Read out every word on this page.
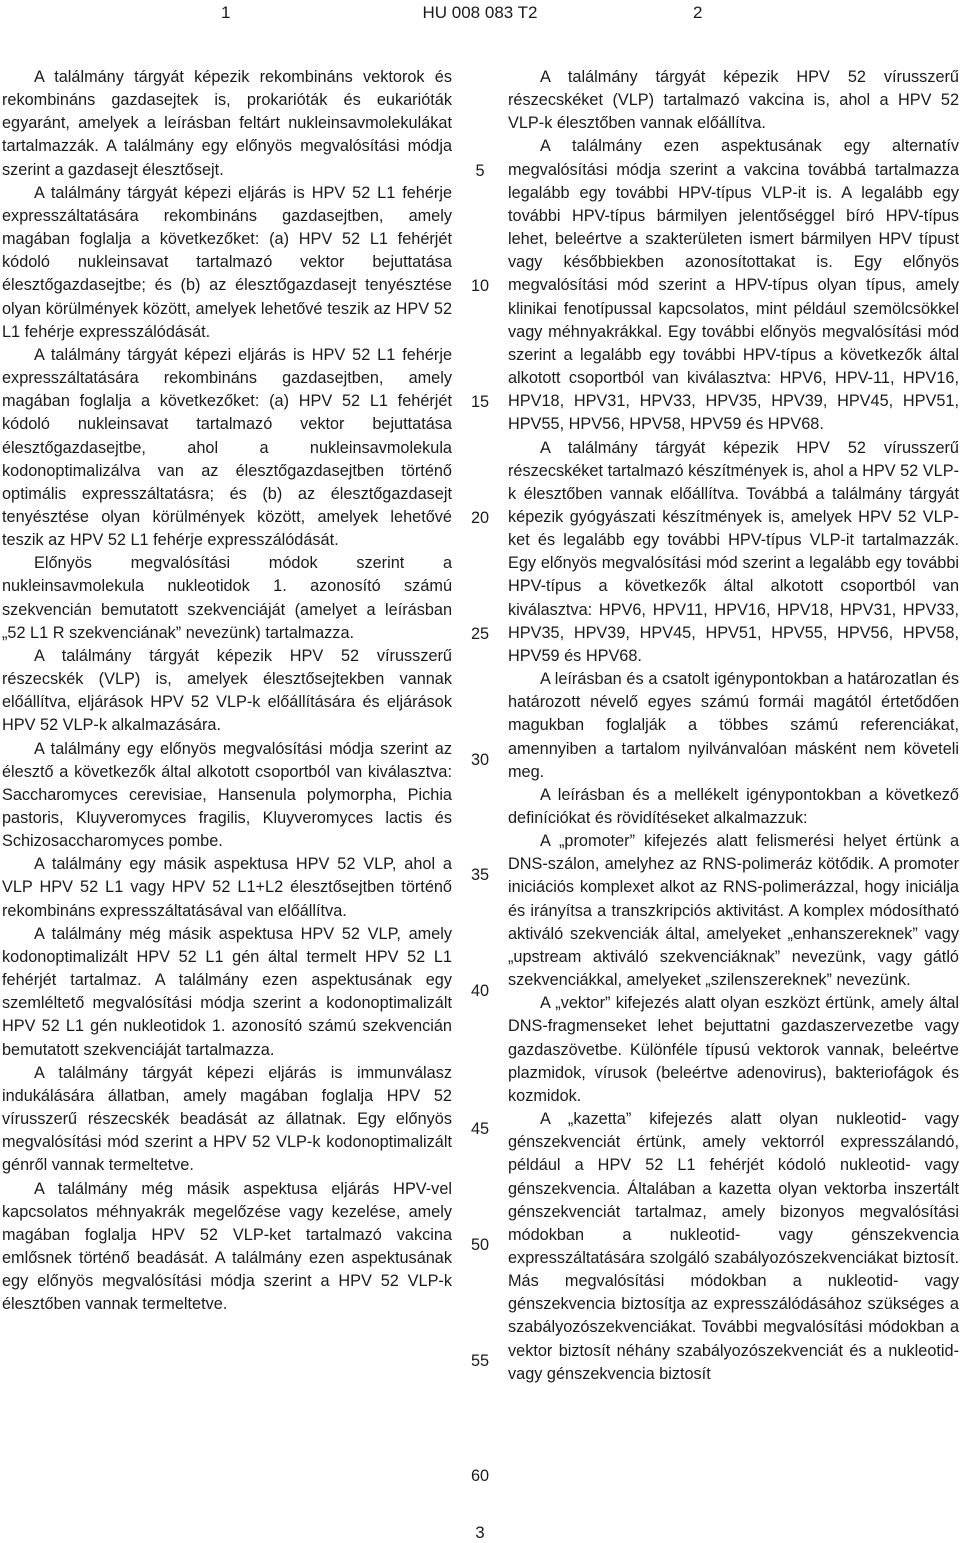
1	HU 008 083 T2	2

A találmány tárgyát képezik rekombináns vektorok és rekombináns gazdasejtek is, prokarióták és eukarióták egyaránt, amelyek a leírásban feltárt nukleinsavmolekulákat tartalmazzák. A találmány egy előnyös megvalósítási módja szerint a gazdasejt élesztősejt.

A találmány tárgyát képezi eljárás is HPV 52 L1 fehérje expresszáltatására rekombináns gazdasejtben, amely magában foglalja a következőket: (a) HPV 52 L1 fehérjét kódoló nukleinsavat tartalmazó vektor bejuttatása élesztőgazdasejtbe; és (b) az élesztőgazdasejt tenyésztése olyan körülmények között, amelyek lehetővé teszik az HPV 52 L1 fehérje expresszálódását.

A találmány tárgyát képezi eljárás is HPV 52 L1 fehérje expresszáltatására rekombináns gazdasejtben, amely magában foglalja a következőket: (a) HPV 52 L1 fehérjét kódoló nukleinsavat tartalmazó vektor bejuttatása élesztőgazdasejtbe, ahol a nukleinsavmolekula kodonoptimalizálva van az élesztőgazdasejtben történő optimális expresszáltatásra; és (b) az élesztőgazdasejt tenyésztése olyan körülmények között, amelyek lehetővé teszik az HPV 52 L1 fehérje expresszálódását.

Előnyös megvalósítási módok szerint a nukleinsavmolekula nukleotidok 1. azonosító számú szekvencián bemutatott szekvenciáját (amelyet a leírásban „52 L1 R szekvenciának” nevezünk) tartalmazza.

A találmány tárgyát képezik HPV 52 vírusszerű részecskék (VLP) is, amelyek élesztősejtekben vannak előállítva, eljárások HPV 52 VLP-k előállítására és eljárások HPV 52 VLP-k alkalmazására.

A találmány egy előnyös megvalósítási módja szerint az élesztő a következők által alkotott csoportból van kiválasztva: Saccharomyces cerevisiae, Hansenula polymorpha, Pichia pastoris, Kluyveromyces fragilis, Kluyveromyces lactis és Schizosaccharomyces pombe.

A találmány egy másik aspektusa HPV 52 VLP, ahol a VLP HPV 52 L1 vagy HPV 52 L1+L2 élesztősejtben történő rekombináns expresszáltatásával van előállítva.

A találmány még másik aspektusa HPV 52 VLP, amely kodonoptimalizált HPV 52 L1 gén által termelt HPV 52 L1 fehérjét tartalmaz. A találmány ezen aspektusának egy szemléltető megvalósítási módja szerint a kodonoptimalizált HPV 52 L1 gén nukleotidok 1. azonosító számú szekvencián bemutatott szekvenciáját tartalmazza.

A találmány tárgyát képezi eljárás is immunválasz indukálására állatban, amely magában foglalja HPV 52 vírusszerű részecskék beadását az állatnak. Egy előnyös megvalósítási mód szerint a HPV 52 VLP-k kodonoptimalizált génről vannak termeltetve.

A találmány még másik aspektusa eljárás HPV-vel kapcsolatos méhnyakrák megelőzése vagy kezelése, amely magában foglalja HPV 52 VLP-ket tartalmazó vakcina emlősnek történő beadását. A találmány ezen aspektusának egy előnyös megvalósítási módja szerint a HPV 52 VLP-k élesztőben vannak termeltetve.

5
10
15
20
25
30
35
40
45
50
55
60

A találmány tárgyát képezik HPV 52 vírusszerű részecskéket (VLP) tartalmazó vakcina is, ahol a HPV 52 VLP-k élesztőben vannak előállítva.

A találmány ezen aspektusának egy alternatív megvalósítási módja szerint a vakcina továbbá tartalmazza legalább egy további HPV-típus VLP-it is. A legalább egy további HPV-típus bármilyen jelentőséggel bíró HPV-típus lehet, beleértve a szakterületen ismert bármilyen HPV típust vagy későbbiekben azonosítottakat is. Egy előnyös megvalósítási mód szerint a HPV-típus olyan típus, amely klinikai fenotípussal kapcsolatos, mint például szemölcsökkel vagy méhnyakrákkal. Egy további előnyös megvalósítási mód szerint a legalább egy további HPV-típus a következők által alkotott csoportból van kiválasztva: HPV6, HPV-11, HPV16, HPV18, HPV31, HPV33, HPV35, HPV39, HPV45, HPV51, HPV55, HPV56, HPV58, HPV59 és HPV68.

A találmány tárgyát képezik HPV 52 vírusszerű részecskéket tartalmazó készítmények is, ahol a HPV 52 VLP-k élesztőben vannak előállítva. Továbbá a találmány tárgyát képezik gyógyászati készítmények is, amelyek HPV 52 VLP-ket és legalább egy további HPV-típus VLP-it tartalmazzák. Egy előnyös megvalósítási mód szerint a legalább egy további HPV-típus a következők által alkotott csoportból van kiválasztva: HPV6, HPV11, HPV16, HPV18, HPV31, HPV33, HPV35, HPV39, HPV45, HPV51, HPV55, HPV56, HPV58, HPV59 és HPV68.

A leírásban és a csatolt igénypontokban a határozatlan és határozott névelő egyes számú formái magától értetődően magukban foglalják a többes számú referenciákat, amennyiben a tartalom nyilvánvalóan másként nem követeli meg.

A leírásban és a mellékelt igénypontokban a következő definíciókat és rövidítéseket alkalmazzuk:

A „promoter” kifejezés alatt felismerési helyet értünk a DNS-szálon, amelyhez az RNS-polimeráz kötődik. A promoter iniciációs komplexet alkot az RNS-polimerázzal, hogy iniciálja és irányítsa a transzkripciós aktivitást. A komplex módosítható aktiváló szekvenciák által, amelyeket „enhanszereknek” vagy „upstream aktiváló szekvenciáknak” nevezünk, vagy gátló szekvenciákkal, amelyeket „szilenszereknek” nevezünk.

A „vektor” kifejezés alatt olyan eszközt értünk, amely által DNS-fragmenseket lehet bejuttatni gazdaszervezetbe vagy gazdaszövetbe. Különféle típusú vektorok vannak, beleértve plazmidok, vírusok (beleértve adenovirus), bakteriofágok és kozmidok.

A „kazetta” kifejezés alatt olyan nukleotid- vagy génszekvenciát értünk, amely vektorról expresszálandó, például a HPV 52 L1 fehérjét kódoló nukleotid- vagy génszekvencia. Általában a kazetta olyan vektorba inszertált génszekvenciát tartalmaz, amely bizonyos megvalósítási módokban a nukleotid- vagy génszekvencia expresszáltatására szolgáló szabályozószekvenciákat biztosít. Más megvalósítási módokban a nukleotid- vagy génszekvencia biztosítja az expresszálódásához szükséges a szabályozószekvenciákat. További megvalósítási módokban a vektor biztosít néhány szabályozószekvenciát és a nukleotid- vagy génszekvencia biztosít

3
